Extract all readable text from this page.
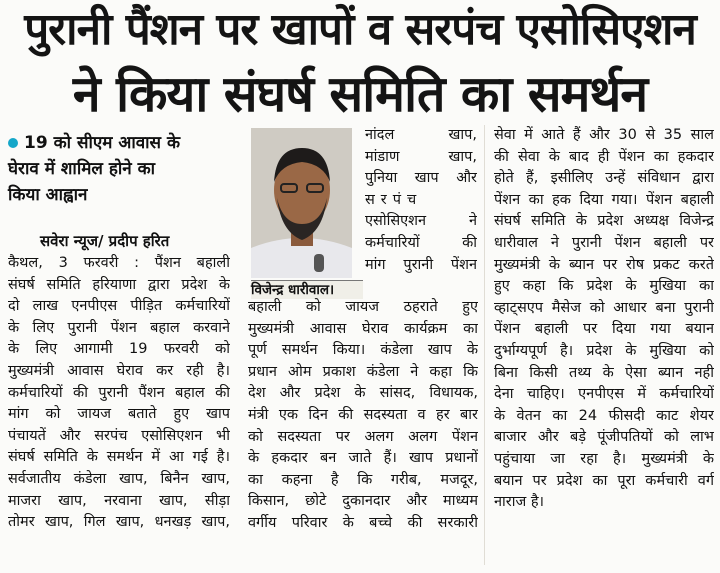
पुरानी पैंशन पर खापों व सरपंच एसोसिएशन
ने किया संघर्ष समिति का समर्थन
19 को सीएम आवास के
घेराव में शामिल होने का
किया आह्वान
सवेरा न्यूज/ प्रदीप हरित
विजेन्द्र धारीवाल।
कैथल, 3 फरवरी : पैंशन बहाली
संघर्ष समिति हरियाणा द्वारा प्रदेश के
दो लाख एनपीएस पीड़ित कर्मचारियों
के लिए पुरानी पेंशन बहाल करवाने
के लिए आगामी 19 फरवरी को
मुख्यमंत्री आवास घेराव कर रही है।
कर्मचारियों की पुरानी पैंशन बहाल की
मांग को जायज बताते हुए खाप
पंचायतें और सरपंच एसोसिएशन भी
संघर्ष समिति के समर्थन में आ गई है।
सर्वजातीय कंडेला खाप, बिनैन खाप,
माजरा खाप, नरवाना खाप, सीड़ा
तोमर खाप, गिल खाप, धनखड़ खाप,
नांदल खाप,
मांडाण खाप,
पुनिया खाप और
सरपंच
एसोसिएशन ने
कर्मचारियों की
मांग पुरानी पेंशन
बहाली को जायज ठहराते हुए
मुख्यमंत्री आवास घेराव कार्यक्रम का
पूर्ण समर्थन किया। कंडेला खाप के
प्रधान ओम प्रकाश कंडेला ने कहा कि
देश और प्रदेश के सांसद, विधायक,
मंत्री एक दिन की सदस्यता व हर बार
को सदस्यता पर अलग अलग पेंशन
के हकदार बन जाते हैं। खाप प्रधानों
का कहना है कि गरीब, मजदूर,
किसान, छोटे दुकानदार और माध्यम
वर्गीय परिवार के बच्चे की सरकारी
सेवा में आते हैं और 30 से 35 साल
की सेवा के बाद ही पेंशन का हकदार
होते हैं, इसीलिए उन्हें संविधान द्वारा
पेंशन का हक दिया गया। पेंशन बहाली
संघर्ष समिति के प्रदेश अध्यक्ष विजेन्द्र
धारीवाल ने पुरानी पेंशन बहाली पर
मुख्यमंत्री के ब्यान पर रोष प्रकट करते
हुए कहा कि प्रदेश के मुखिया का
व्हाट्सएप मैसेज को आधार बना पुरानी
पेंशन बहाली पर दिया गया बयान
दुर्भाग्यपूर्ण है। प्रदेश के मुखिया को
बिना किसी तथ्य के ऐसा ब्यान नही
देना चाहिए। एनपीएस में कर्मचारियों
के वेतन का 24 फीसदी काट शेयर
बाजार और बड़े पूंजीपतियों को लाभ
पहुंचाया जा रहा है। मुख्यमंत्री के
बयान पर प्रदेश का पूरा कर्मचारी वर्ग
नाराज है।
